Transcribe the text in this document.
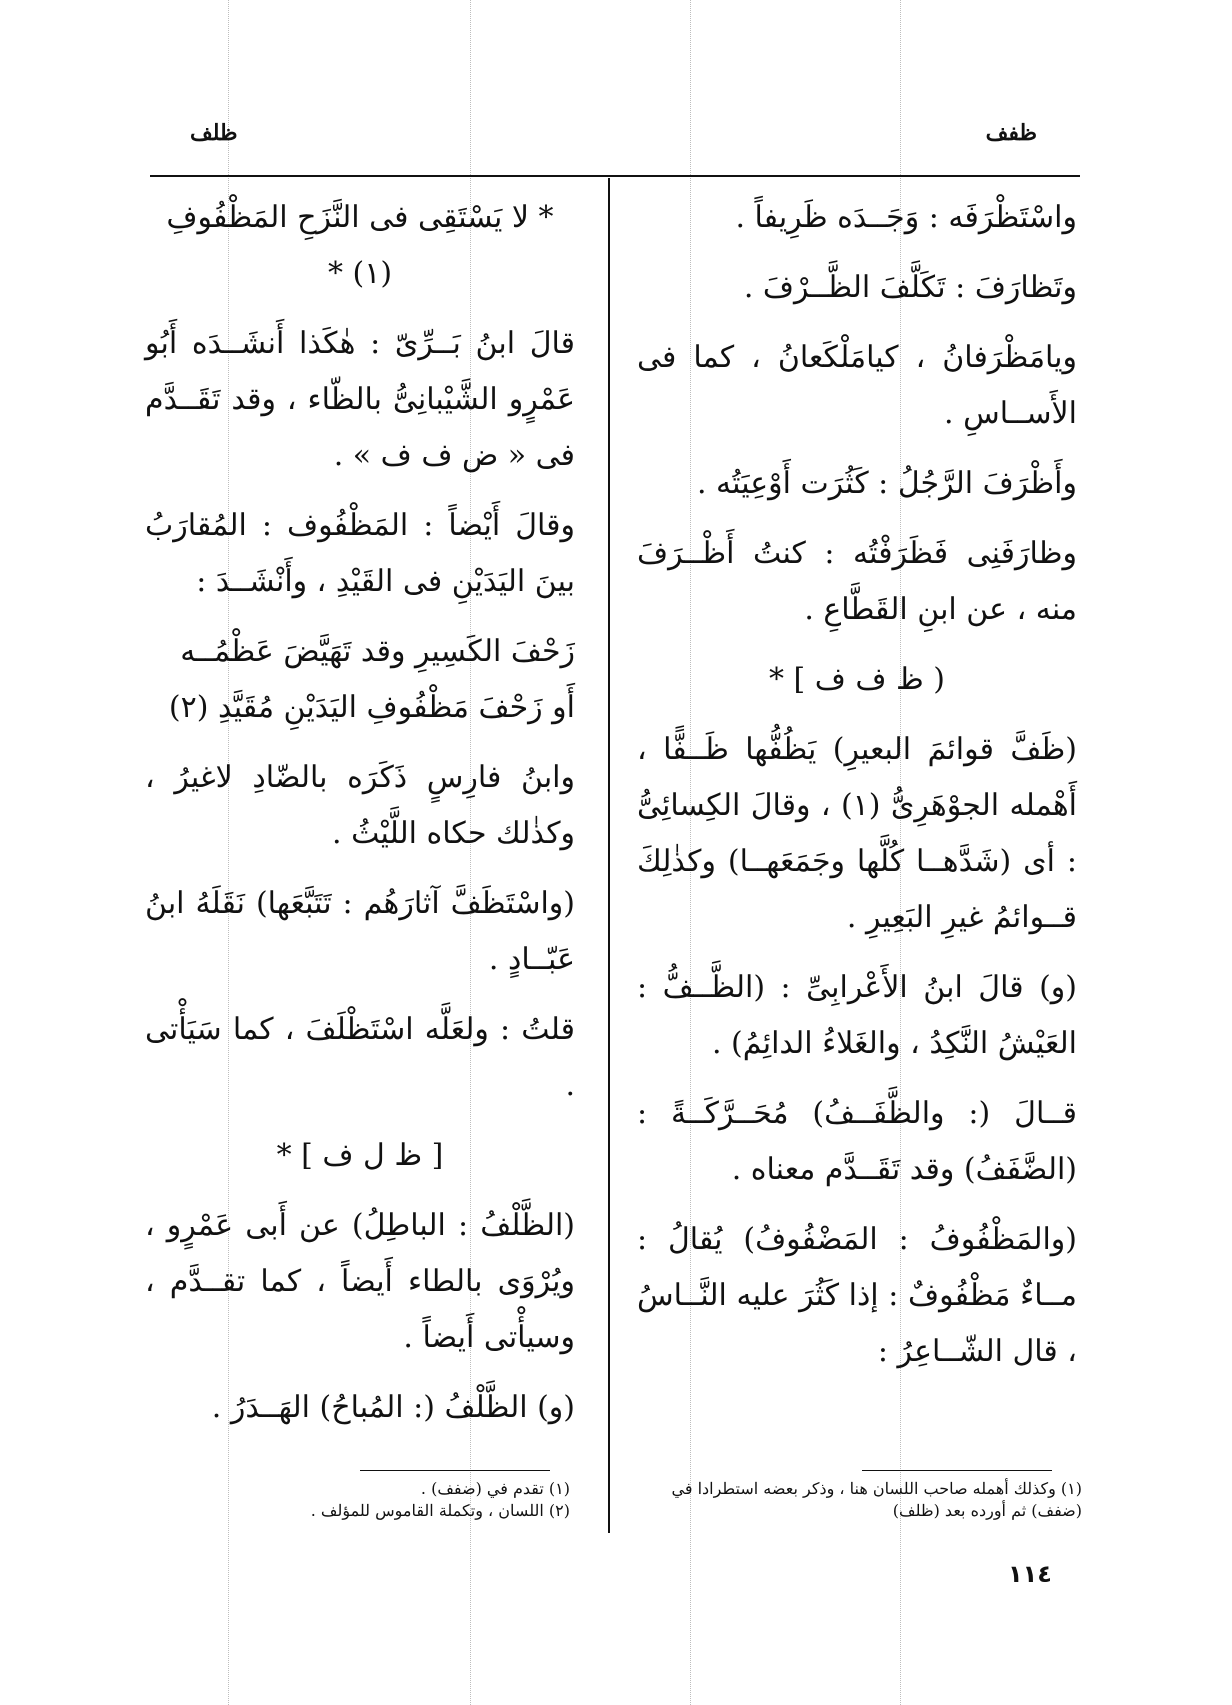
ظفف
ظلف

واسْتَظْرَفَه : وَجَــدَه ظَرِيفاً .

وتَظارَفَ : تَكَلَّفَ الظَّــرْفَ .

ويامَظْرَفانُ ، كيامَلْكَعانُ ، كما فى الأَســاسِ .

وأَظْرَفَ الرَّجُلُ : كَثُرَت أَوْعِيَتُه .

وظارَفَنِى فَظَرَفْتُه : كنتُ أَظْــرَفَ منه ، عن ابنِ القَطَّاعِ .

( ظ ف ف ] *

(ظَفَّ قوائمَ البعيرِ) يَظُفُّها ظَــفًّا ، أَهْمله الجوْهَرِىُّ (١) ، وقالَ الكِسائِىُّ : أى (شَدَّهــا كُلَّها وجَمَعَهــا) وكذٰلِكَ قــوائمُ غيرِ البَعِيرِ .

(و) قالَ ابنُ الأَعْرابِىِّ : (الظَّــفُّ : العَيْشُ النَّكِدُ ، والغَلاءُ الدائِمُ) .

قــالَ (: والظَّفَــفُ) مُحَــرَّكَــةً : (الضَّفَفُ) وقد تَقَــدَّم معناه .

(والمَظْفُوفُ : المَضْفُوفُ) يُقالُ : مــاءٌ مَظْفُوفٌ : إذا كَثُرَ عليه النَّــاسُ ، قال الشّــاعِرُ :

* لا يَسْتَقِى فى النَّزَحِ المَظْفُوفِ (١) *

قالَ ابنُ بَــرِّىّ : هٰكَذا أَنشَــدَه أَبُو عَمْرٍو الشَّيْبانِىُّ بالظّاء ، وقد تَقَــدَّم فى « ض ف ف » .

وقالَ أَيْضاً : المَظْفُوف : المُقارَبُ بينَ اليَدَيْنِ فى القَيْدِ ، وأَنْشَــدَ :

زَحْفَ الكَسِيرِ وقد تَهَيَّضَ عَظْمُــه

أَو زَحْفَ مَظْفُوفِ اليَدَيْنِ مُقَيَّدِ (٢)

وابنُ فارِسٍ ذَكَرَه بالضّادِ لاغيرُ ، وكذٰلك حكاه اللَّيْثُ .

(واسْتَظَفَّ آثارَهُم : تَتَبَّعَها) نَقَلَهُ ابنُ عَبّــادٍ .

قلتُ : ولعَلَّه اسْتَظْلَفَ ، كما سَيَأْتى .

[ ظ ل ف ] *

(الظَّلْفُ : الباطِلُ) عن أَبى عَمْرٍو ، ويُرْوَى بالطاء أَيضاً ، كما تقــدَّم ، وسيأْتى أَيضاً .

(و) الظَّلْفُ (: المُباحُ) الهَــدَرُ .

(١) وكذلك أهمله صاحب اللسان هنا ، وذكر بعضه استطرادا في (ضفف) ثم أورده بعد (ظلف)
(١) تقدم في (ضفف) .
(٢) اللسان ، وتكملة القاموس للمؤلف .
١١٤
